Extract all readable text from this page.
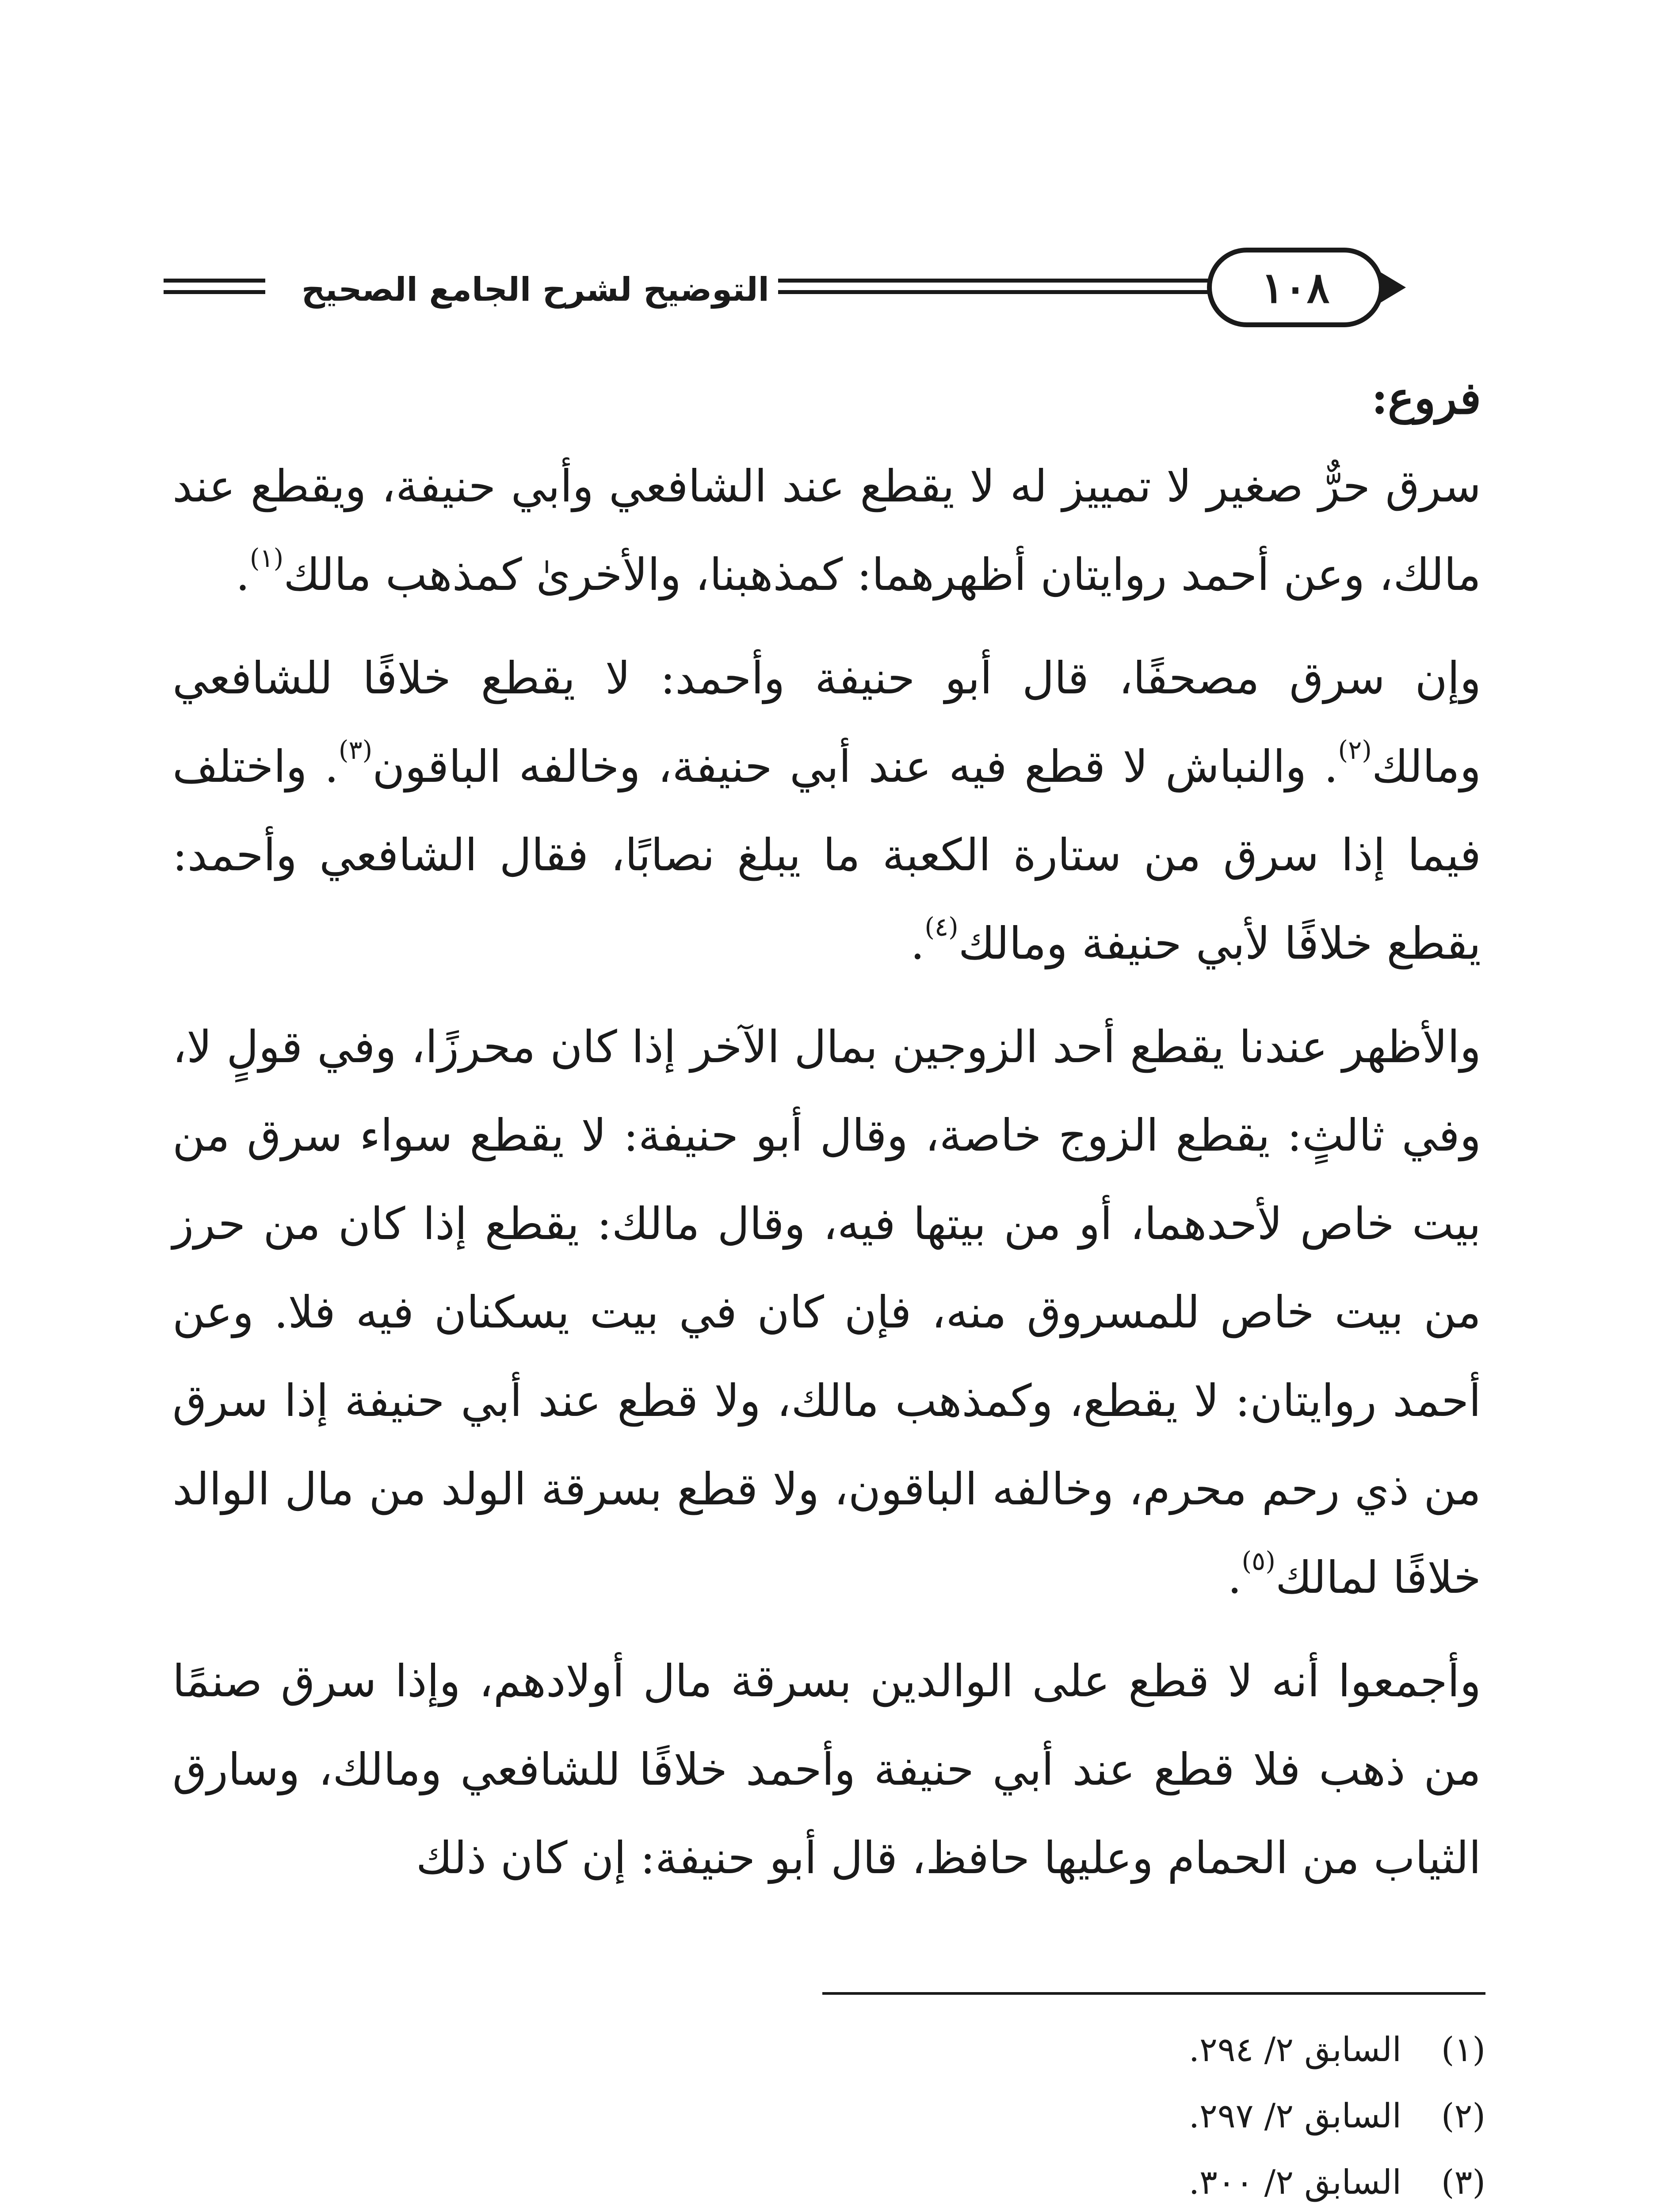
التوضيح لشرح الجامع الصحيح	١٠٨

فروع:

سرق حرٌّ صغير لا تمييز له لا يقطع عند الشافعي وأبي حنيفة، ويقطع عند مالك، وعن أحمد روايتان أظهرهما: كمذهبنا، والأخرىٰ كمذهب مالك$^{(١)}$.

وإن سرق مصحفًا، قال أبو حنيفة وأحمد: لا يقطع خلافًا للشافعي ومالك$^{(٢)}$. والنباش لا قطع فيه عند أبي حنيفة، وخالفه الباقون$^{(٣)}$. واختلف فيما إذا سرق من ستارة الكعبة ما يبلغ نصابًا، فقال الشافعي وأحمد: يقطع خلافًا لأبي حنيفة ومالك$^{(٤)}$.

والأظهر عندنا يقطع أحد الزوجين بمال الآخر إذا كان محرزًا، وفي قولٍ لا، وفي ثالثٍ: يقطع الزوج خاصة، وقال أبو حنيفة: لا يقطع سواء سرق من بيت خاص لأحدهما، أو من بيتها فيه، وقال مالك: يقطع إذا كان من حرز من بيت خاص للمسروق منه، فإن كان في بيت يسكنان فيه فلا. وعن أحمد روايتان: لا يقطع، وكمذهب مالك، ولا قطع عند أبي حنيفة إذا سرق من ذي رحم محرم، وخالفه الباقون، ولا قطع بسرقة الولد من مال الوالد خلافًا لمالك$^{(٥)}$.

وأجمعوا أنه لا قطع على الوالدين بسرقة مال أولادهم، وإذا سرق صنمًا من ذهب فلا قطع عند أبي حنيفة وأحمد خلافًا للشافعي ومالك، وسارق الثياب من الحمام وعليها حافظ، قال أبو حنيفة: إن كان ذلك

(١)
السابق ٢/ ٢٩٤.
(٢)
السابق ٢/ ٢٩٧.
(٣)
السابق ٢/ ٣٠٠.
